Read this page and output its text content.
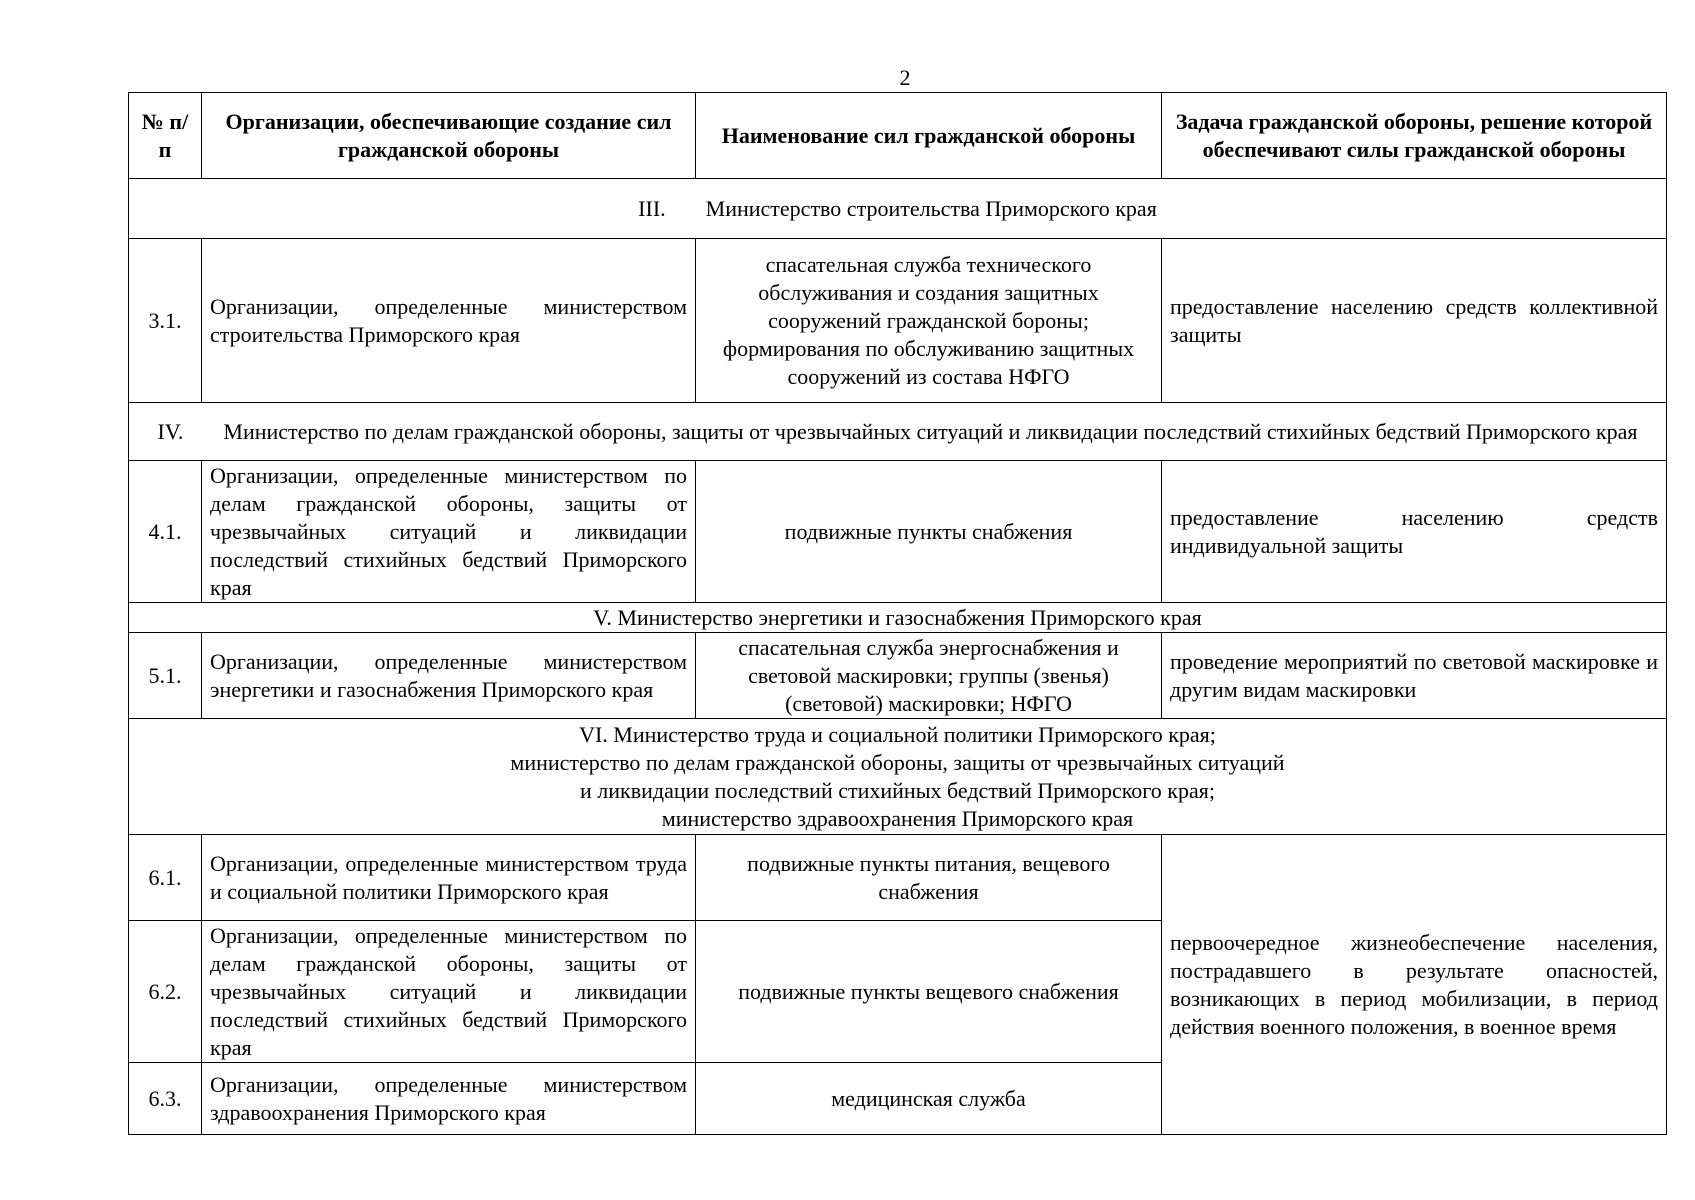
2
№ п/п	Организации, обеспечивающие создание сил гражданской обороны	Наименование сил гражданской обороны	Задача гражданской обороны, решение которой обеспечивают силы гражданской обороны
III. Министерство строительства Приморского края			
3.1.	Организации, определенные министерством строительства Приморского края	спасательная служба технического обслуживания и создания защитных сооружений гражданской бороны; формирования по обслуживанию защитных сооружений из состава НФГО	предоставление населению средств коллективной защиты
IV. Министерство по делам гражданской обороны, защиты от чрезвычайных ситуаций и ликвидации последствий стихийных бедствий Приморского края			
4.1.	Организации, определенные министерством по делам гражданской обороны, защиты от чрезвычайных ситуаций и ликвидации последствий стихийных бедствий Приморского края	подвижные пункты снабжения	предоставление населению средств индивидуальной защиты
V. Министерство энергетики и газоснабжения Приморского края			
5.1.	Организации, определенные министерством энергетики и газоснабжения Приморского края	спасательная служба энергоснабжения и световой маскировки; группы (звенья) (световой) маскировки; НФГО	проведение мероприятий по световой маскировке и другим видам маскировки

VI. Министерство труда и социальной политики Приморского края;
министерство по делам гражданской обороны, защиты от чрезвычайных ситуаций
и ликвидации последствий стихийных бедствий Приморского края;
министерство здравоохранения Приморского края			

6.1.	Организации, определенные министерством труда и социальной политики Приморского края	подвижные пункты питания, вещевого снабжения	первоочередное жизнеобеспечение населения, пострадавшего в результате опасностей, возникающих в период мобилизации, в период действия военного положения, в военное время
6.2.	Организации, определенные министерством по делам гражданской обороны, защиты от чрезвычайных ситуаций и ликвидации последствий стихийных бедствий Приморского края	подвижные пункты вещевого снабжения	
6.3.	Организации, определенные министерством здравоохранения Приморского края	медицинская служба	
